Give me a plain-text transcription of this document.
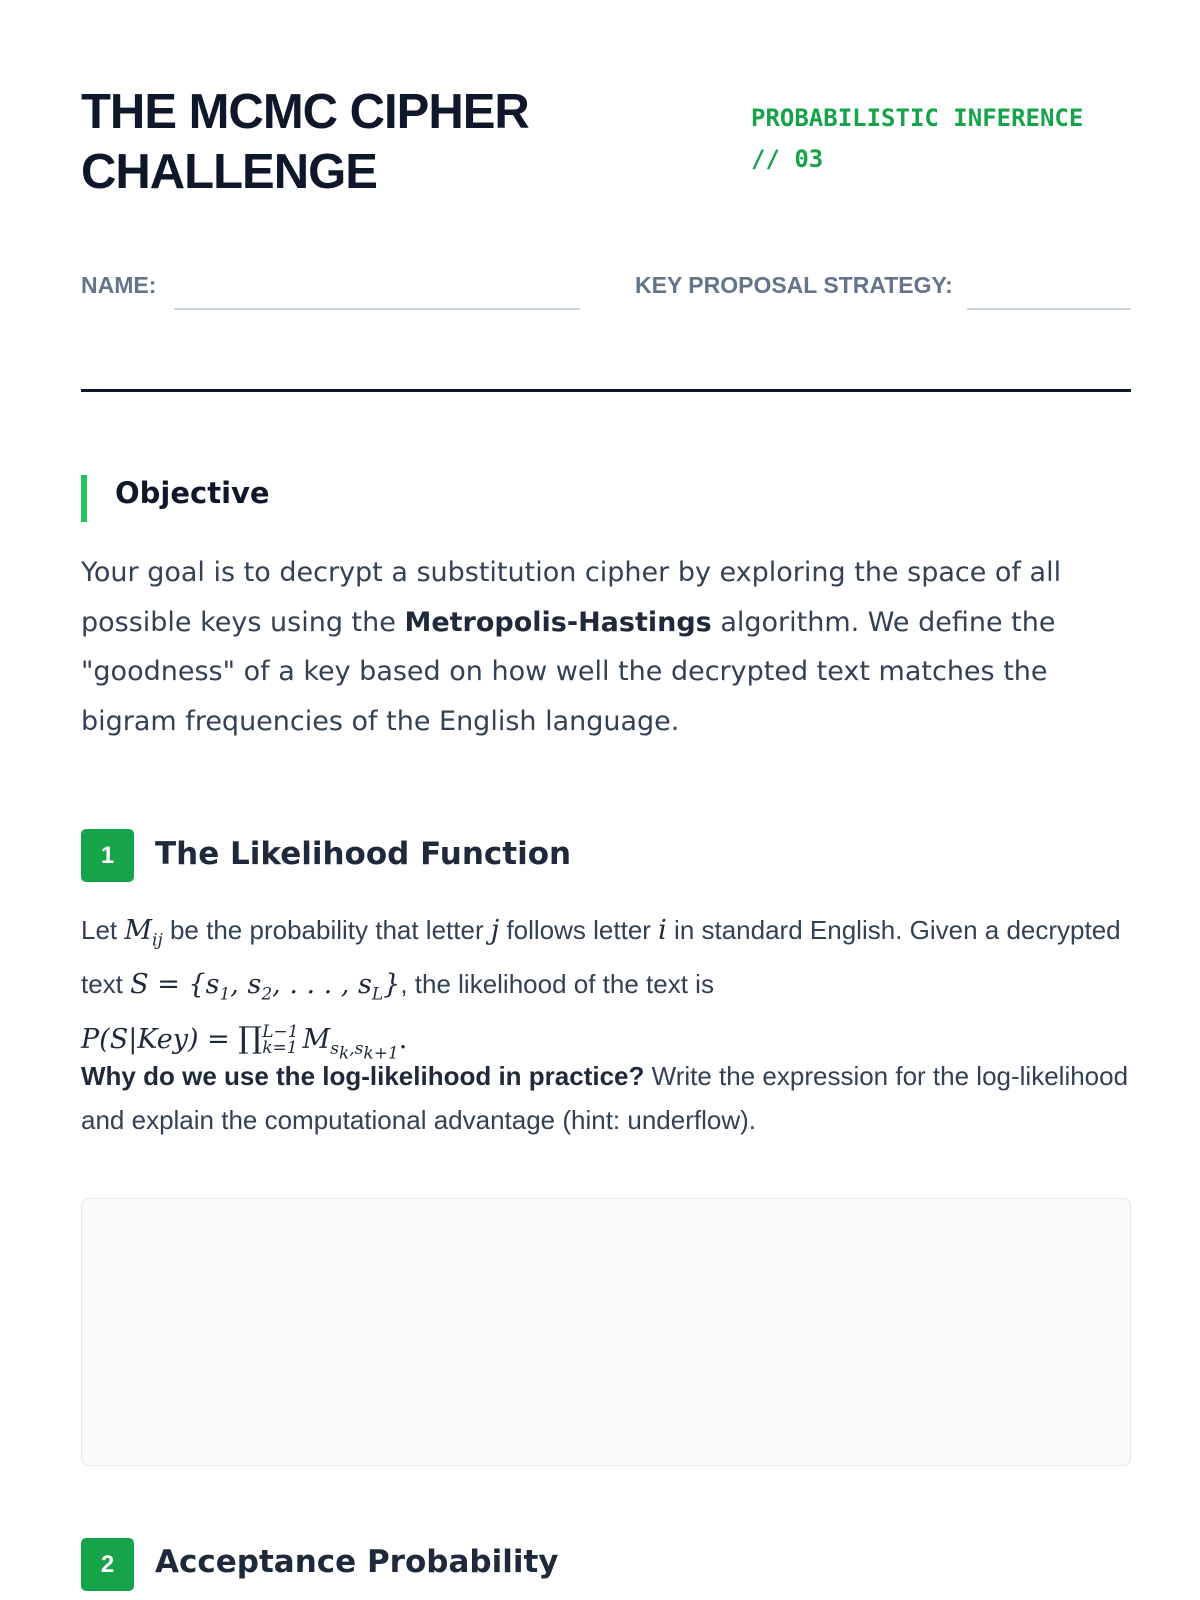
THE MCMC CIPHER
CHALLENGE
PROBABILISTIC INFERENCE
// 03
NAME:	KEY PROPOSAL STRATEGY:
Objective
Your goal is to decrypt a substitution cipher by exploring the space of all possible keys using the Metropolis-Hastings algorithm. We define the "goodness" of a key based on how well the decrypted text matches the bigram frequencies of the English language.
1	The Likelihood Function
Let $M_{ij}$ be the probability that letter j follows letter i in standard English. Given a decrypted text $S = \{s_1$, $s_2$, . . . , $s_L$}, the likelihood of the text is
P(S|Key) = ∏ L−1
k=1 $M_{s_k,s_{k+1}}$.
Why do we use the log-likelihood in practice? Write the expression for the log-likelihood and explain the computational advantage (hint: underflow).
2	Acceptance Probability
